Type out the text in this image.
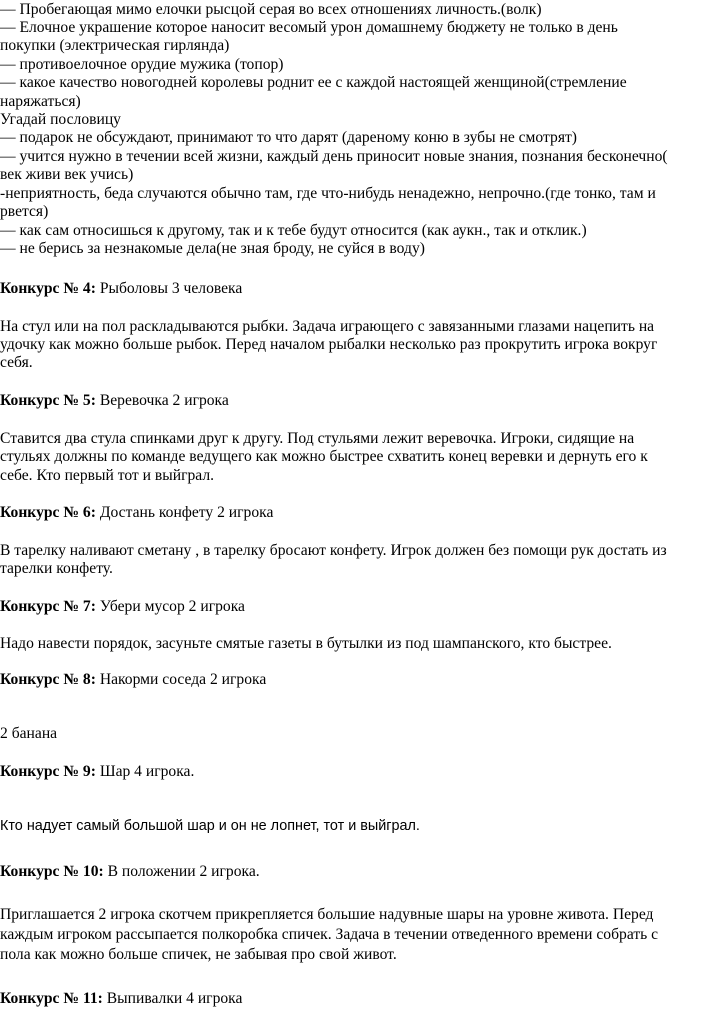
— Пробегающая мимо елочки рысцой серая во всех отношениях личность.(волк)

— Елочное украшение которое наносит весомый урон домашнему бюджету не только в день

покупки (электрическая гирлянда)

— противоелочное орудие мужика (топор)

— какое качество новогодней королевы роднит ее с каждой настоящей женщиной(стремление

наряжаться)

Угадай пословицу

— подарок не обсуждают, принимают то что дарят (дареному коню в зубы не смотрят)

— учится нужно в течении всей жизни, каждый день приносит новые знания, познания бесконечно(

век живи век учись)

-неприятность, беда случаются обычно там, где что-нибудь ненадежно, непрочно.(где тонко, там и

рвется)

— как сам относишься к другому, так и к тебе будут относится (как аукн., так и отклик.)

— не берись за незнакомые дела(не зная броду, не суйся в воду)

Конкурс № 4: Рыболовы 3 человека

На стул или на пол раскладываются рыбки. Задача играющего с завязанными глазами нацепить на

удочку как можно больше рыбок. Перед началом рыбалки несколько раз прокрутить игрока вокруг

себя.

Конкурс № 5: Веревочка 2 игрока

Ставится два стула спинками друг к другу. Под стульями лежит веревочка. Игроки, сидящие на

стульях должны по команде ведущего как можно быстрее схватить конец веревки и дернуть его к

себе. Кто первый тот и выйграл.

Конкурс № 6: Достань конфету 2 игрока

В тарелку наливают сметану , в тарелку бросают конфету. Игрок должен без помощи рук достать из

тарелки конфету.

Конкурс № 7: Убери мусор 2 игрока

Надо навести порядок, засуньте смятые газеты в бутылки из под шампанского, кто быстрее.

Конкурс № 8: Накорми соседа 2 игрока

2 банана

Конкурс № 9: Шар 4 игрока.

Кто надует самый большой шар и он не лопнет, тот и выйграл.

Конкурс № 10: В положении 2 игрока.

Приглашается 2 игрока скотчем прикрепляется большие надувные шары на уровне живота. Перед

каждым игроком рассыпается полкоробка спичек. Задача в течении отведенного времени собрать с

пола как можно больше спичек, не забывая про свой живот.

Конкурс № 11: Выпивалки 4 игрока
